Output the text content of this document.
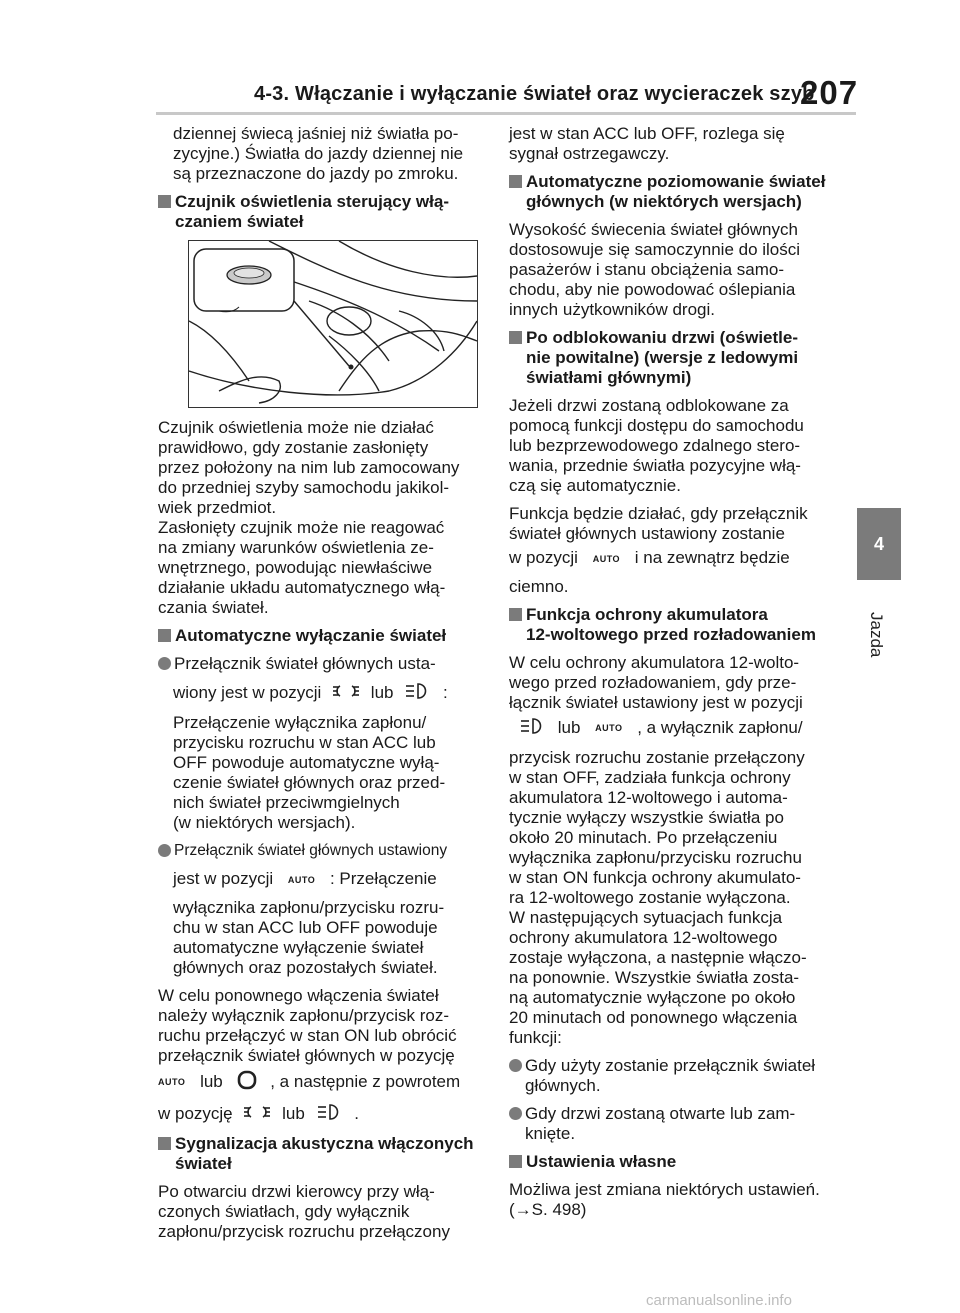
4-3. Włączanie i wyłączanie świateł oraz wycieraczek szyb
207
4
Jazda

dziennej świecą jaśniej niż światła po-
zycyjne.) Światła do jazdy dziennej nie
są przeznaczone do jazdy po zmroku.

Czujnik oświetlenia sterujący włą-
czaniem świateł

Czujnik oświetlenia może nie działać
prawidłowo, gdy zostanie zasłonięty
przez położony na nim lub zamocowany
do przedniej szyby samochodu jakikol-
wiek przedmiot.
Zasłonięty czujnik może nie reagować
na zmiany warunków oświetlenia ze-
wnętrznego, powodując niewłaściwe
działanie układu automatycznego włą-
czania świateł.

Automatyczne wyłączanie świateł
Przełącznik świateł głównych usta-
wiony jest w pozycji	lub	:

Przełączenie wyłącznika zapłonu/
przycisku rozruchu w stan ACC lub
OFF powoduje automatyczne wyłą-
czenie świateł głównych oraz przed-
nich świateł przeciwmgielnych
(w niektórych wersjach).

Przełącznik świateł głównych ustawiony
jest w pozycji AUTO : Przełączenie

wyłącznika zapłonu/przycisku rozru-
chu w stan ACC lub OFF powoduje
automatyczne wyłączenie świateł
głównych oraz pozostałych świateł.

W celu ponownego włączenia świateł
należy wyłącznik zapłonu/przycisk roz-
ruchu przełączyć w stan ON lub obrócić
przełącznik świateł głównych w pozycję

AUTO lub	, a następnie z powrotem
w pozycję	lub	.
Sygnalizacja akustyczna włączonych
świateł

Po otwarciu drzwi kierowcy przy włą-
czonych światłach, gdy wyłącznik
zapłonu/przycisk rozruchu przełączony

jest w stan ACC lub OFF, rozlega się
sygnał ostrzegawczy.

Automatyczne poziomowanie świateł
głównych (w niektórych wersjach)

Wysokość świecenia świateł głównych
dostosowuje się samoczynnie do ilości
pasażerów i stanu obciążenia samo-
chodu, aby nie powodować oślepiania
innych użytkowników drogi.

Po odblokowaniu drzwi (oświetle-
nie powitalne) (wersje z ledowymi
światłami głównymi)

Jeżeli drzwi zostaną odblokowane za
pomocą funkcji dostępu do samochodu
lub bezprzewodowego zdalnego stero-
wania, przednie światła pozycyjne włą-
czą się automatycznie.

Funkcja będzie działać, gdy przełącznik
świateł głównych ustawiony zostanie

w pozycji AUTO i na zewnątrz będzie

ciemno.

Funkcja ochrony akumulatora
12-woltowego przed rozładowaniem

W celu ochrony akumulatora 12-wolto-
wego przed rozładowaniem, gdy prze-
łącznik świateł ustawiony jest w pozycji

lub AUTO , a wyłącznik zapłonu/

przycisk rozruchu zostanie przełączony
w stan OFF, zadziała funkcja ochrony
akumulatora 12-woltowego i automa-
tycznie wyłączy wszystkie światła po
około 20 minutach. Po przełączeniu
wyłącznika zapłonu/przycisku rozruchu
w stan ON funkcja ochrony akumulato-
ra 12-woltowego zostanie wyłączona.
W następujących sytuacjach funkcja
ochrony akumulatora 12-woltowego
zostaje wyłączona, a następnie włączo-
na ponownie. Wszystkie światła zosta-
ną automatycznie wyłączone po około
20 minutach od ponownego włączenia
funkcji:

Gdy użyty zostanie przełącznik świateł
głównych.
Gdy drzwi zostaną otwarte lub zam-
knięte.
Ustawienia własne

Możliwa jest zmiana niektórych ustawień.
(→S. 498)

carmanualsonline.info
